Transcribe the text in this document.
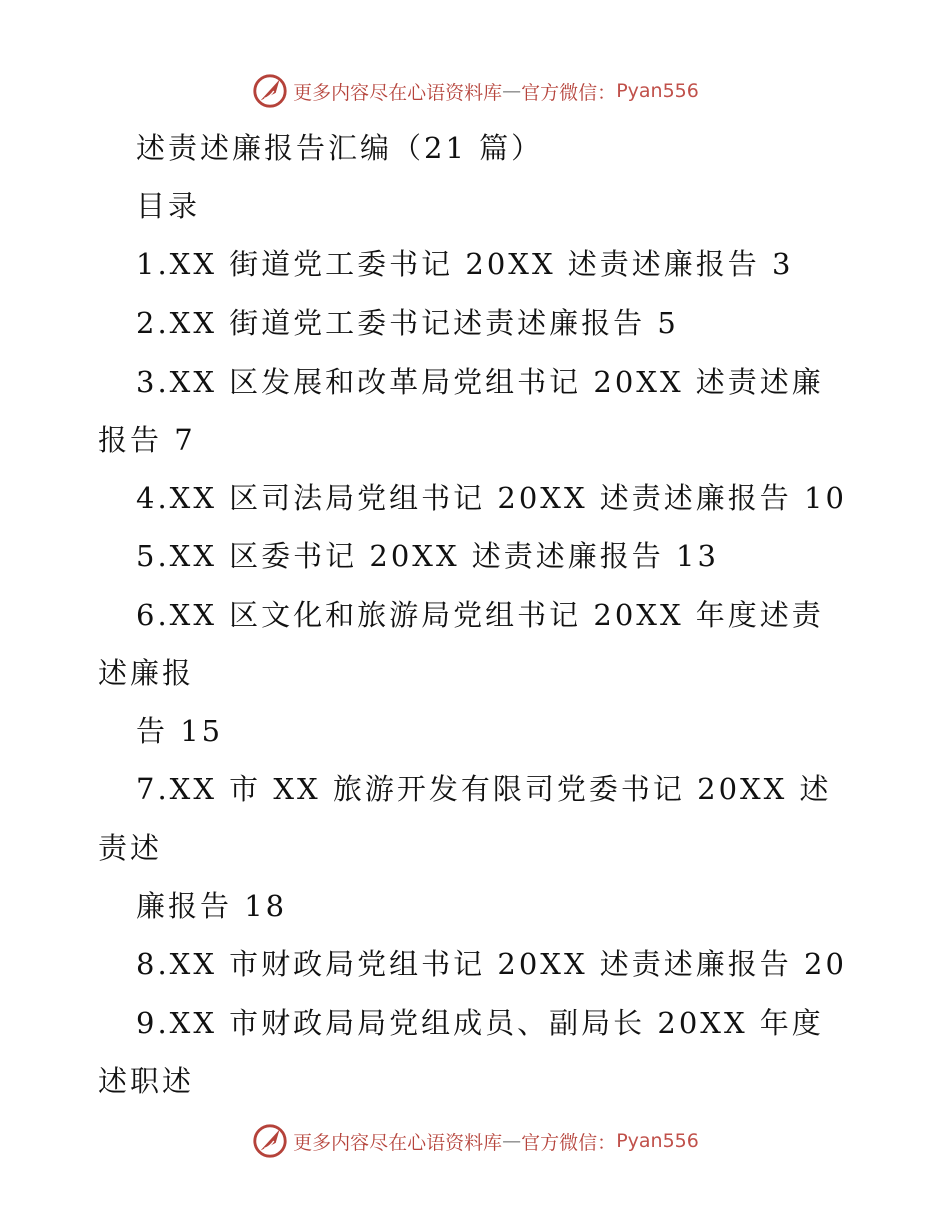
更多内容尽在心语资料库 — 官方微信： Pyan556
述责述廉报告汇编（21 篇）
目录
1.XX 街道党工委书记 20XX 述责述廉报告 3
2.XX 街道党工委书记述责述廉报告 5
3.XX 区发展和改革局党组书记 20XX 述责述廉
报告 7
4.XX 区司法局党组书记 20XX 述责述廉报告 10
5.XX 区委书记 20XX 述责述廉报告 13
6.XX 区文化和旅游局党组书记 20XX 年度述责
述廉报
告 15
7.XX 市 XX 旅游开发有限司党委书记 20XX 述
责述
廉报告 18
8.XX 市财政局党组书记 20XX 述责述廉报告 20
9.XX 市财政局局党组成员、副局长 20XX 年度
述职述
更多内容尽在心语资料库 — 官方微信： Pyan556
